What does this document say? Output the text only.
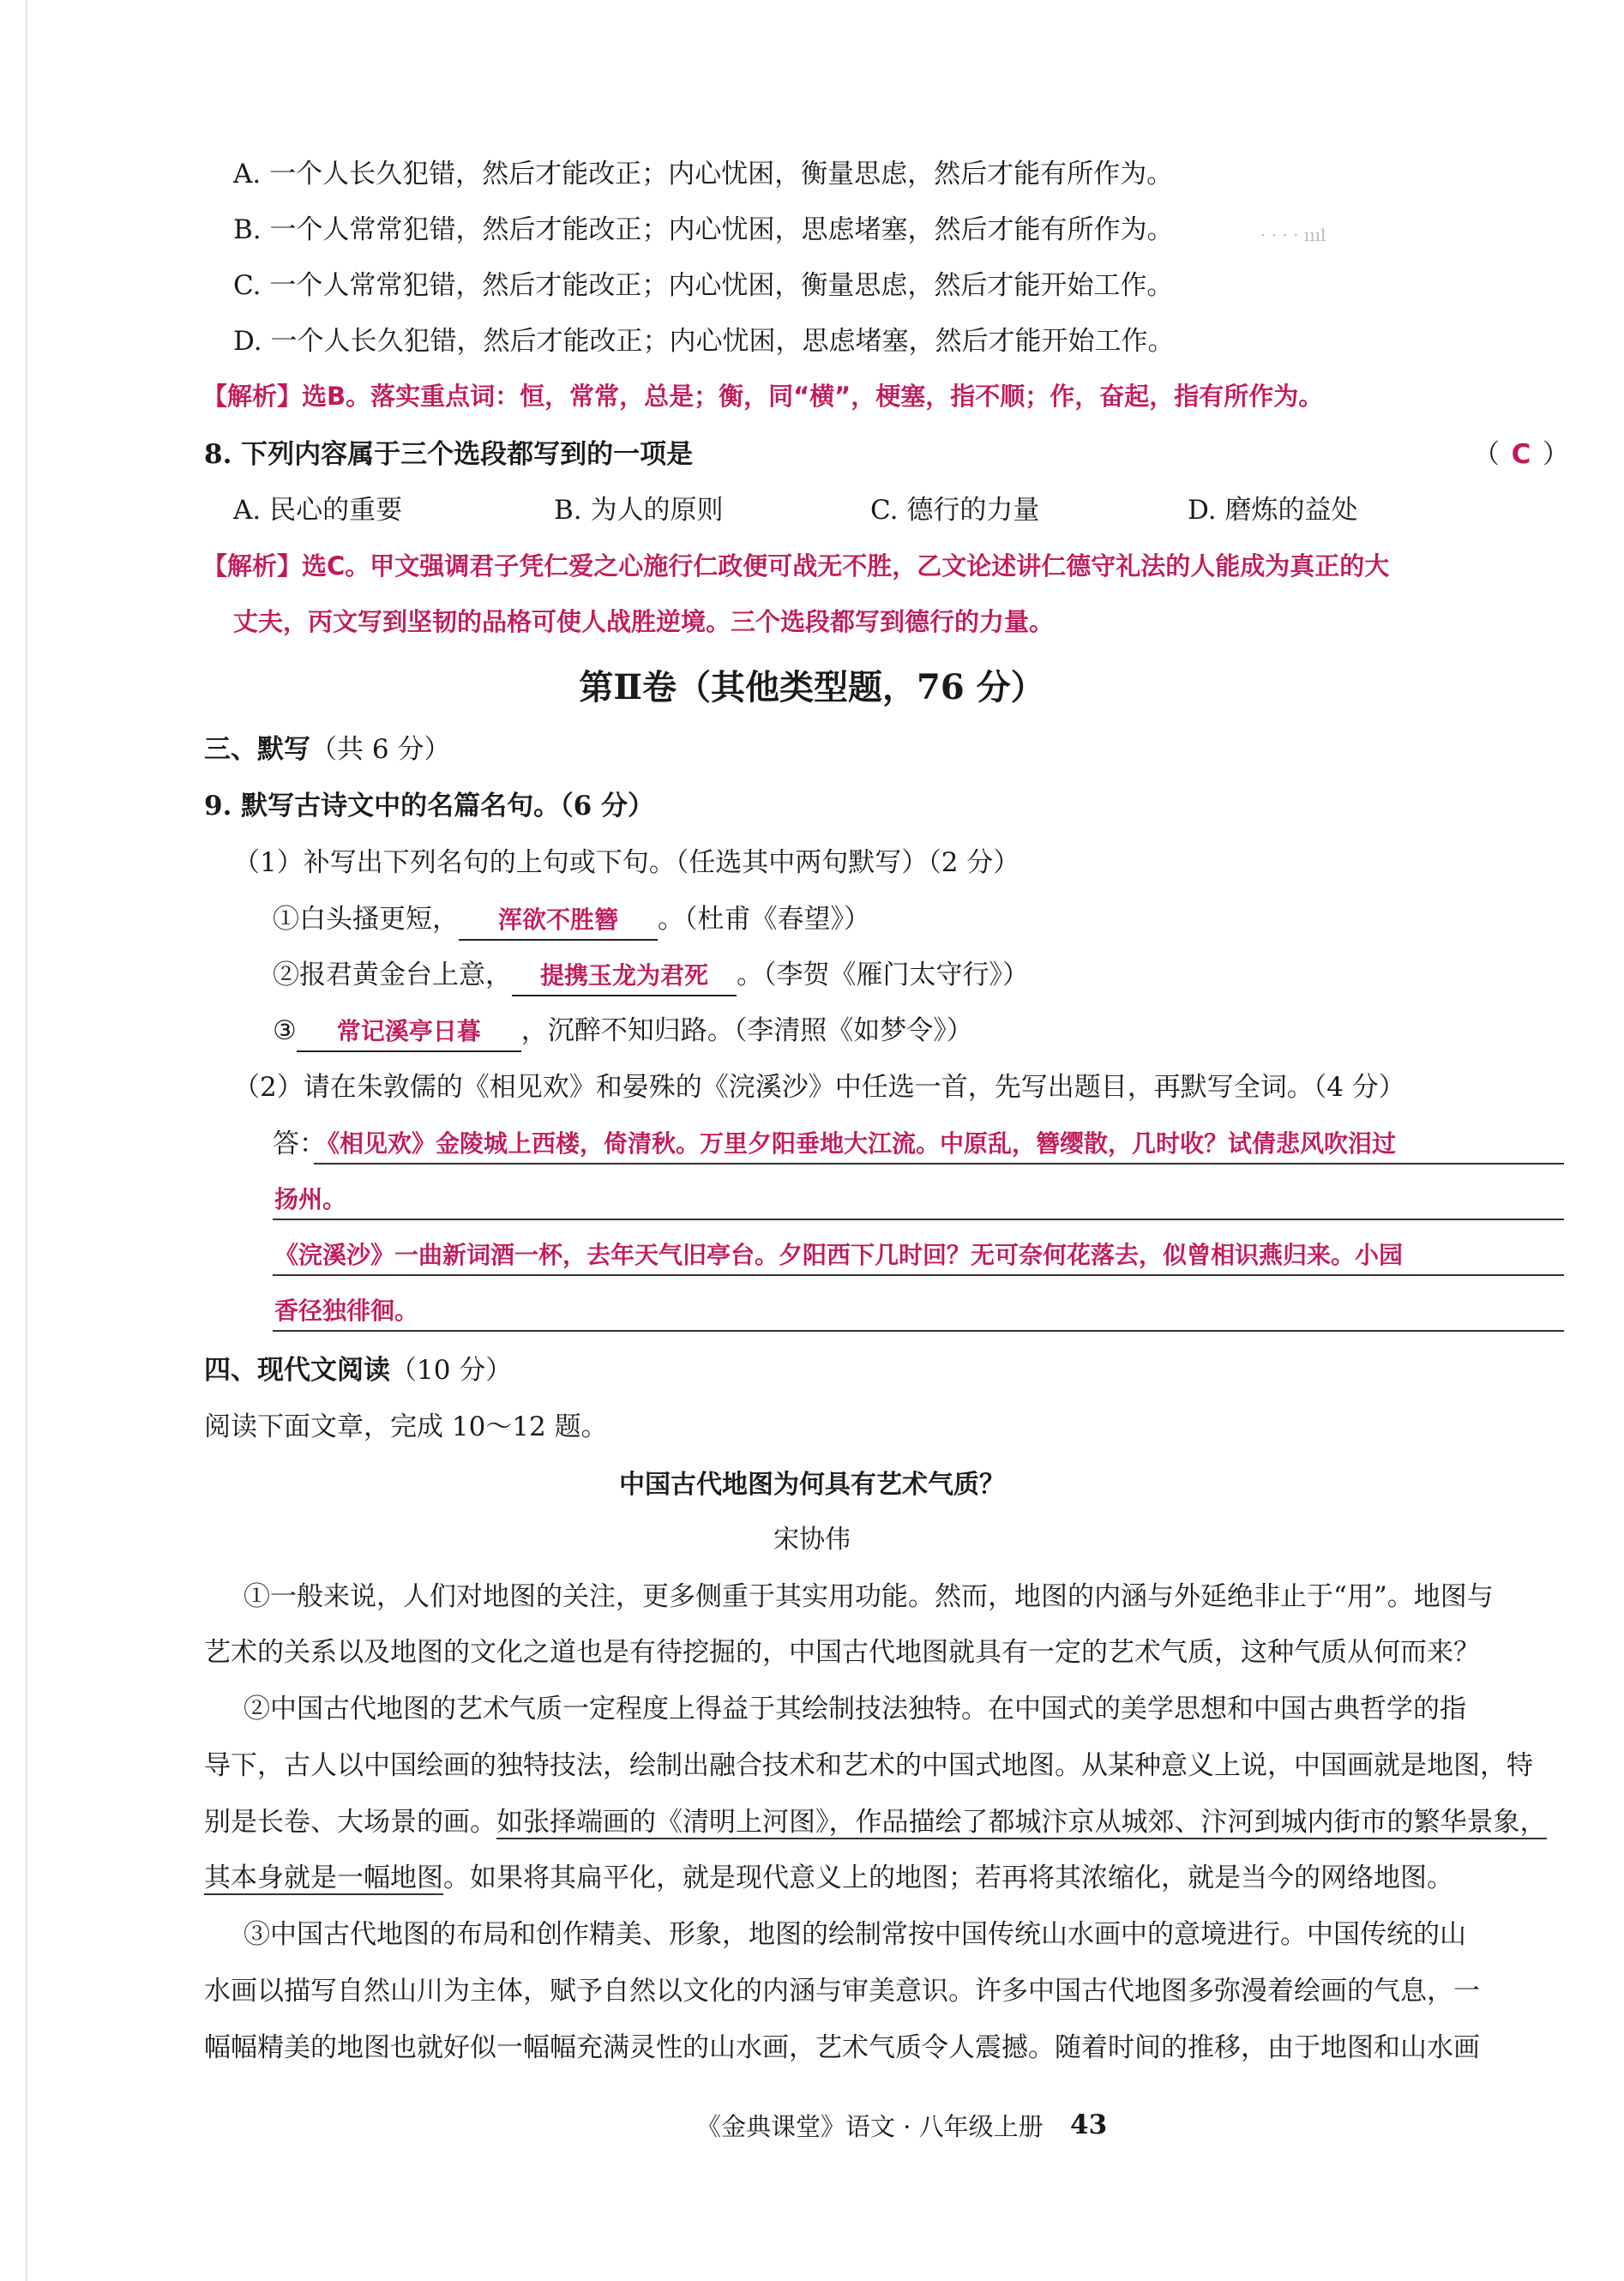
· · · · ıııl
A. 一个人长久犯错，然后才能改正；内心忧困，衡量思虑，然后才能有所作为。
B. 一个人常常犯错，然后才能改正；内心忧困，思虑堵塞，然后才能有所作为。
C. 一个人常常犯错，然后才能改正；内心忧困，衡量思虑，然后才能开始工作。
D. 一个人长久犯错，然后才能改正；内心忧困，思虑堵塞，然后才能开始工作。
【解析】选B。落实重点词：恒，常常，总是；衡，同“横”，梗塞，指不顺；作，奋起，指有所作为。
8. 下列内容属于三个选段都写到的一项是	（ C ）
A. 民心的重要	B. 为人的原则	C. 德行的力量	D. 磨炼的益处
【解析】选C。甲文强调君子凭仁爱之心施行仁政便可战无不胜，乙文论述讲仁德守礼法的人能成为真正的大
丈夫，丙文写到坚韧的品格可使人战胜逆境。三个选段都写到德行的力量。
第Ⅱ卷（其他类型题，76 分）
三、默写（共 6 分）
9. 默写古诗文中的名篇名句。（6 分）
（1）补写出下列名句的上句或下句。（任选其中两句默写）（2 分）
①白头搔更短， 浑欲不胜簪 。（杜甫《春望》）
②报君黄金台上意， 提携玉龙为君死 。（李贺《雁门太守行》）
③ 常记溪亭日暮 ，沉醉不知归路。（李清照《如梦令》）
（2）请在朱敦儒的《相见欢》和晏殊的《浣溪沙》中任选一首，先写出题目，再默写全词。（4 分）
答：
《相见欢》金陵城上西楼，倚清秋。万里夕阳垂地大江流。中原乱，簪缨散，几时收？试倩悲风吹泪过
扬州。
《浣溪沙》一曲新词酒一杯，去年天气旧亭台。夕阳西下几时回？无可奈何花落去，似曾相识燕归来。小园
香径独徘徊。
四、现代文阅读（10 分）
阅读下面文章，完成 10～12 题。
中国古代地图为何具有艺术气质？
宋协伟
①一般来说，人们对地图的关注，更多侧重于其实用功能。然而，地图的内涵与外延绝非止于“用”。地图与
艺术的关系以及地图的文化之道也是有待挖掘的，中国古代地图就具有一定的艺术气质，这种气质从何而来？
②中国古代地图的艺术气质一定程度上得益于其绘制技法独特。在中国式的美学思想和中国古典哲学的指
导下，古人以中国绘画的独特技法，绘制出融合技术和艺术的中国式地图。从某种意义上说，中国画就是地图，特
别是长卷、大场景的画。如张择端画的《清明上河图》，作品描绘了都城汴京从城郊、汴河到城内街市的繁华景象，
其本身就是一幅地图。如果将其扁平化，就是现代意义上的地图；若再将其浓缩化，就是当今的网络地图。
③中国古代地图的布局和创作精美、形象，地图的绘制常按中国传统山水画中的意境进行。中国传统的山
水画以描写自然山川为主体，赋予自然以文化的内涵与审美意识。许多中国古代地图多弥漫着绘画的气息，一
幅幅精美的地图也就好似一幅幅充满灵性的山水画，艺术气质令人震撼。随着时间的推移，由于地图和山水画
《金典课堂》语文 · 八年级上册 43
